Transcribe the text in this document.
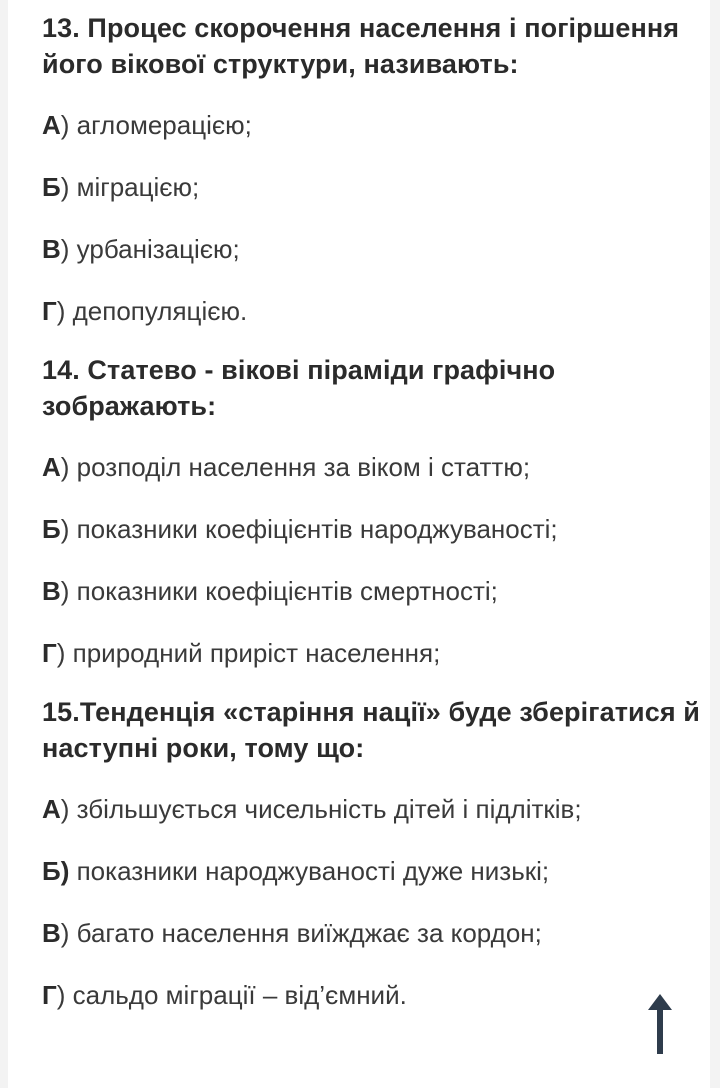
13. Процес скорочення населення і погіршення його вікової структури, називають:
А) агломерацією;
Б) міграцією;
В) урбанізацією;
Г) депопуляцією.
14. Статево - вікові піраміди графічно зображають:
А) розподіл населення за віком і статтю;
Б) показники коефіцієнтів народжуваності;
В) показники коефіцієнтів смертності;
Г) природний приріст населення;
15.Тенденція «старіння нації» буде зберігатися й наступні роки, тому що:
А) збільшується чисельність дітей і підлітків;
Б) показники народжуваності дуже низькі;
В) багато населення виїжджає за кордон;
Г) сальдо міграції – від’ємний.
